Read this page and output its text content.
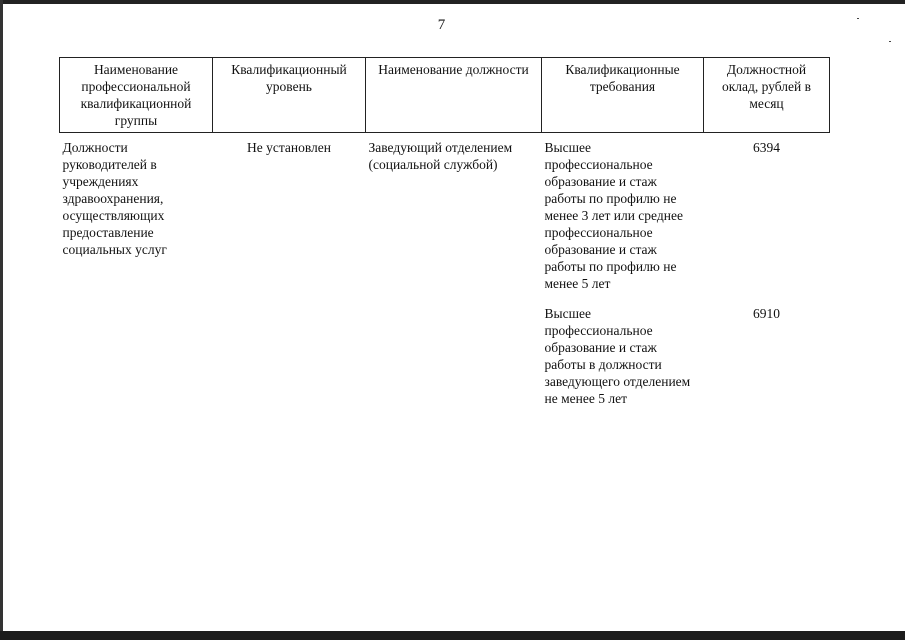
7
Наименование профессиональной квалификационной группы	Квалификационный уровень	Наименование должности	Квалификационные требования	Должностной оклад, рублей в месяц
Должности руководителей в учреждениях здравоохранения, осуществляющих предоставление социальных услуг	Не установлен	Заведующий отделением (социальной службой)	Высшее профессиональное образование и стаж работы по профилю не менее 3 лет или среднее профессиональное образование и стаж работы по профилю не менее 5 лет	6394
			Высшее профессиональное образование и стаж работы в должности заведующего отделением не менее 5 лет	6910
